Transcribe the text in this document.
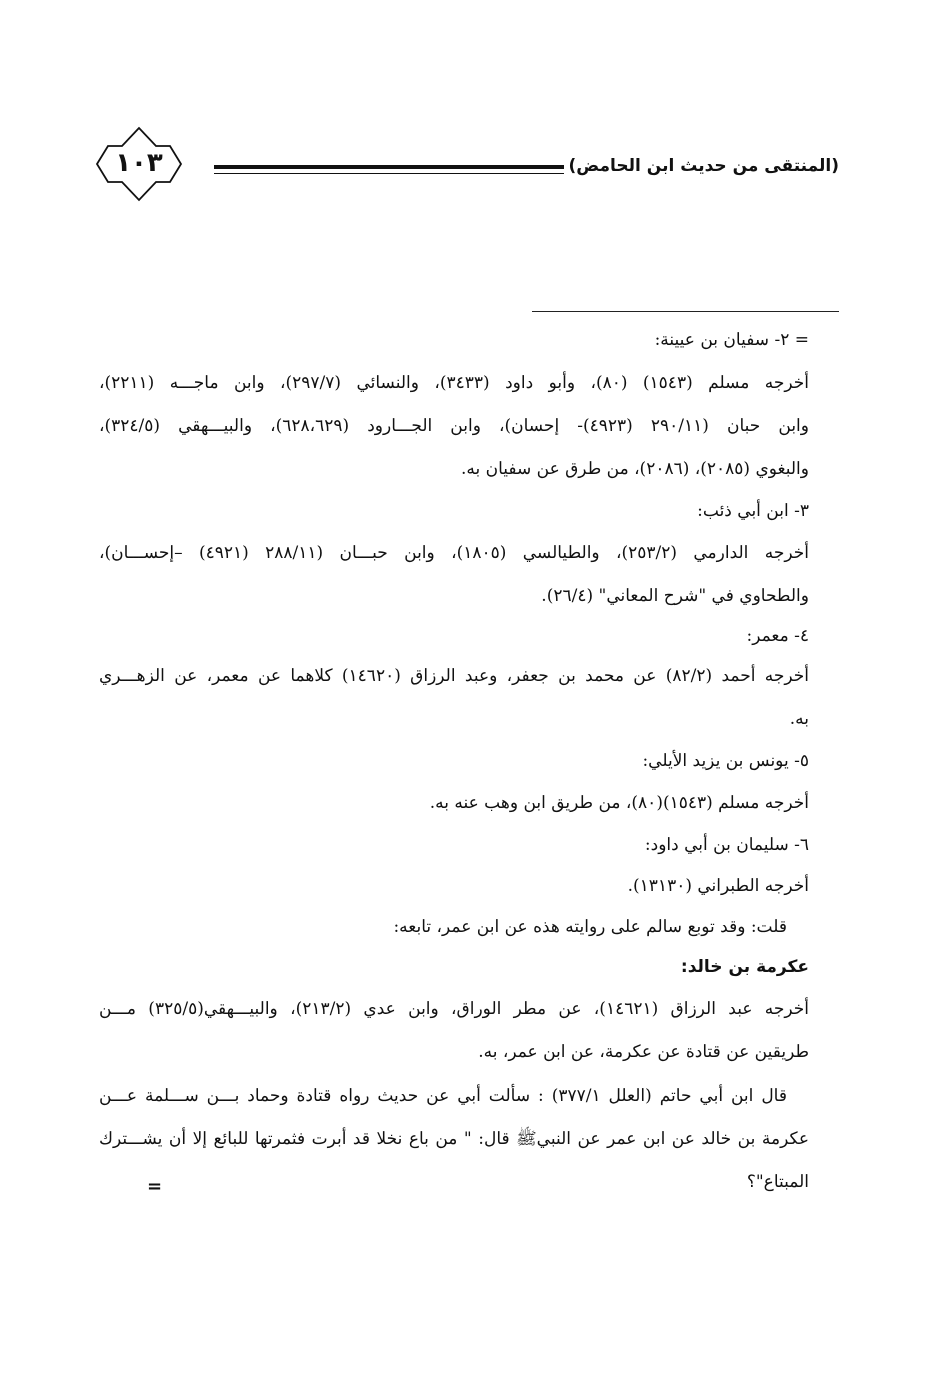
(المنتقى من حديث ابن الحامض)
١٠٣
= ٢- سفيان بن عيينة:
أخرجه مسلم (١٥٤٣) (٨٠)، وأبو داود (٣٤٣٣)، والنسائي (٢٩٧/٧)، وابن ماجـــه (٢٢١١)،
وابن حبان (٢٩٠/١١ (٤٩٢٣)- إحسان)، وابن الجـــارود (٦٢٨،٦٢٩)، والبيـــهقي (٣٢٤/٥)،
والبغوي (٢٠٨٥)، (٢٠٨٦)، من طرق عن سفيان به.
٣- ابن أبي ذئب:
أخرجه الدارمي (٢٥٣/٢)، والطيالسي (١٨٠٥)، وابن حبـــان (٢٨٨/١١ (٤٩٢١) –إحســـان)،
والطحاوي في "شرح المعاني" (٢٦/٤).
٤- معمر:
أخرجه أحمد (٨٢/٢) عن محمد بن جعفر، وعبد الرزاق (١٤٦٢٠) كلاهما عن معمر، عن الزهـــري
به.
٥- يونس بن يزيد الأيلي:
أخرجه مسلم (١٥٤٣)(٨٠)، من طريق ابن وهب عنه به.
٦- سليمان بن أبي داود:
أخرجه الطبراني (١٣١٣٠).
قلت: وقد توبع سالم على روايته هذه عن ابن عمر، تابعه:
عكرمة بن خالد:
أخرجه عبد الرزاق (١٤٦٢١)، عن مطر الوراق، وابن عدي (٢١٣/٢)، والبيـــهقي(٣٢٥/٥) مـــن
طريقين عن قتادة عن عكرمة، عن ابن عمر، به.
قال ابن أبي حاتم (العلل ٣٧٧/١) : سألت أبي عن حديث رواه قتادة وحماد بـــن ســـلمة عـــن
عكرمة بن خالد عن ابن عمر عن النبيﷺ قال: " من باع نخلا قد أبرت فثمرتها للبائع إلا أن يشـــترك
المبتاع"؟
=
